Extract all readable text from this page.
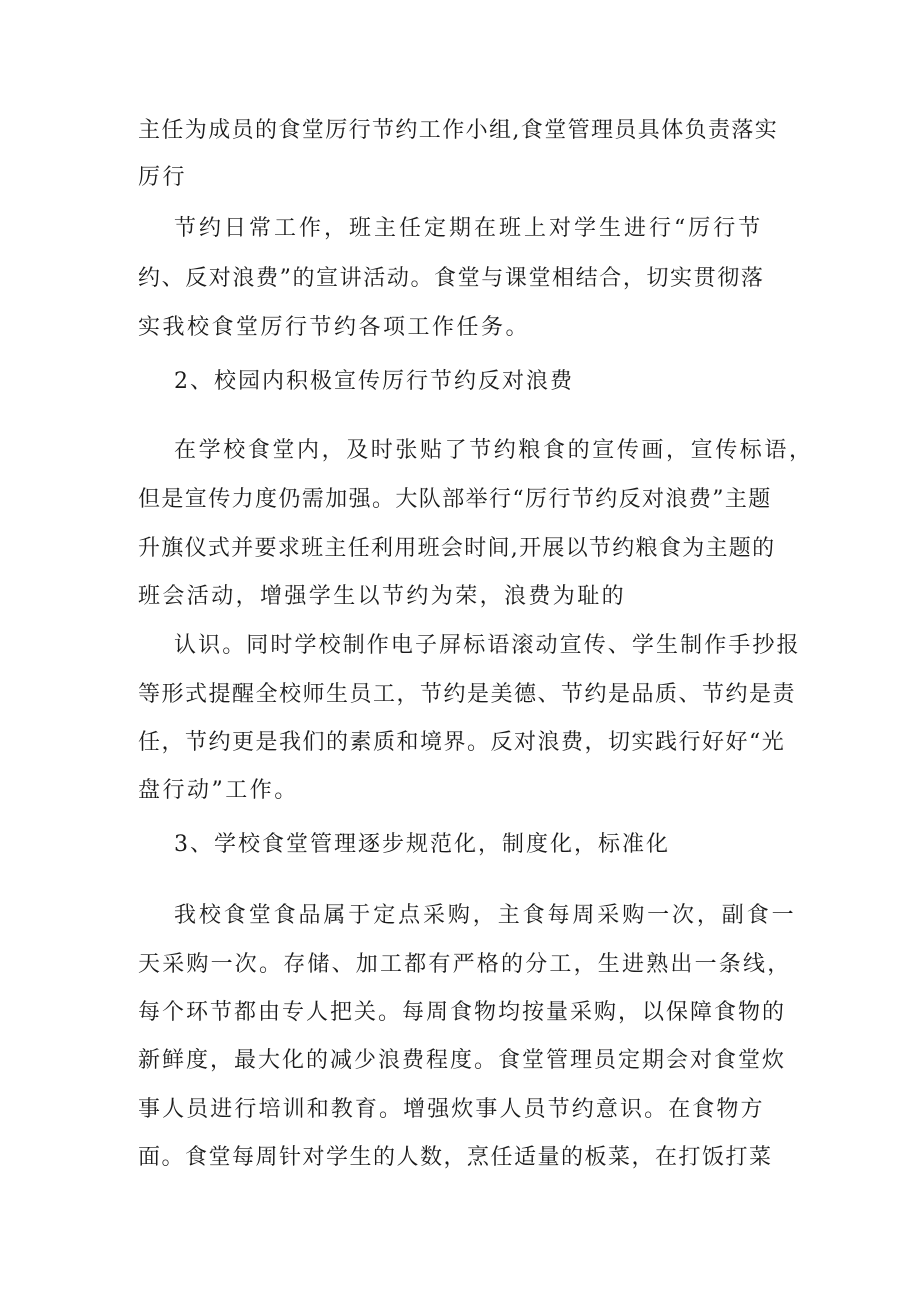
主任为成员的食堂厉行节约工作小组,食堂管理员具体负责落实
厉行
节约日常工作，班主任定期在班上对学生进行“厉行节
约、反对浪费”的宣讲活动。食堂与课堂相结合，切实贯彻落
实我校食堂厉行节约各项工作任务。
2、校园内积极宣传厉行节约反对浪费
在学校食堂内，及时张贴了节约粮食的宣传画，宣传标语，
但是宣传力度仍需加强。大队部举行“厉行节约反对浪费”主题
升旗仪式并要求班主任利用班会时间,开展以节约粮食为主题的
班会活动，增强学生以节约为荣，浪费为耻的
认识。同时学校制作电子屏标语滚动宣传、学生制作手抄报
等形式提醒全校师生员工，节约是美德、节约是品质、节约是责
任，节约更是我们的素质和境界。反对浪费，切实践行好好“光
盘行动”工作。
3、学校食堂管理逐步规范化，制度化，标准化
我校食堂食品属于定点采购，主食每周采购一次，副食一
天采购一次。存储、加工都有严格的分工，生进熟出一条线，
每个环节都由专人把关。每周食物均按量采购，以保障食物的
新鲜度，最大化的减少浪费程度。食堂管理员定期会对食堂炊
事人员进行培训和教育。增强炊事人员节约意识。在食物方
面。食堂每周针对学生的人数，烹任适量的板菜，在打饭打菜
